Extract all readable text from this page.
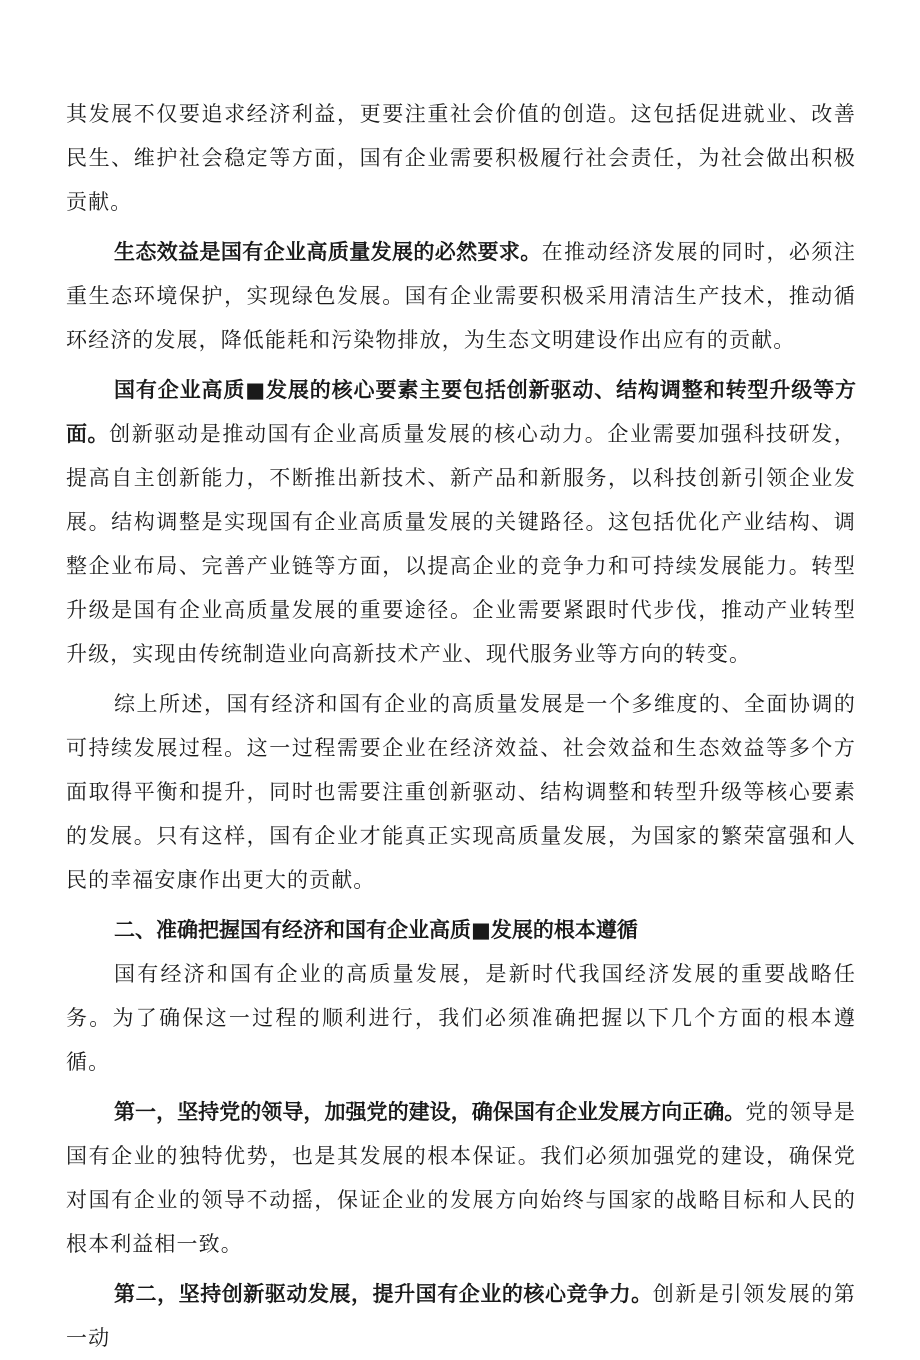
其发展不仅要追求经济利益，更要注重社会价值的创造。这包括促进就业、改善民生、维护社会稳定等方面，国有企业需要积极履行社会责任，为社会做出积极贡献。

生态效益是国有企业高质量发展的必然要求。在推动经济发展的同时，必须注重生态环境保护，实现绿色发展。国有企业需要积极采用清洁生产技术，推动循环经济的发展，降低能耗和污染物排放，为生态文明建设作出应有的贡献。

国有企业高质■发展的核心要素主要包括创新驱动、结构调整和转型升级等方面。创新驱动是推动国有企业高质量发展的核心动力。企业需要加强科技研发，提高自主创新能力，不断推出新技术、新产品和新服务，以科技创新引领企业发展。结构调整是实现国有企业高质量发展的关键路径。这包括优化产业结构、调整企业布局、完善产业链等方面，以提高企业的竞争力和可持续发展能力。转型升级是国有企业高质量发展的重要途径。企业需要紧跟时代步伐，推动产业转型升级，实现由传统制造业向高新技术产业、现代服务业等方向的转变。

综上所述，国有经济和国有企业的高质量发展是一个多维度的、全面协调的可持续发展过程。这一过程需要企业在经济效益、社会效益和生态效益等多个方面取得平衡和提升，同时也需要注重创新驱动、结构调整和转型升级等核心要素的发展。只有这样，国有企业才能真正实现高质量发展，为国家的繁荣富强和人民的幸福安康作出更大的贡献。

二、准确把握国有经济和国有企业高质■发展的根本遵循

国有经济和国有企业的高质量发展，是新时代我国经济发展的重要战略任务。为了确保这一过程的顺利进行，我们必须准确把握以下几个方面的根本遵循。

第一，坚持党的领导，加强党的建设，确保国有企业发展方向正确。党的领导是国有企业的独特优势，也是其发展的根本保证。我们必须加强党的建设，确保党对国有企业的领导不动摇，保证企业的发展方向始终与国家的战略目标和人民的根本利益相一致。

第二，坚持创新驱动发展，提升国有企业的核心竞争力。创新是引领发展的第一动
